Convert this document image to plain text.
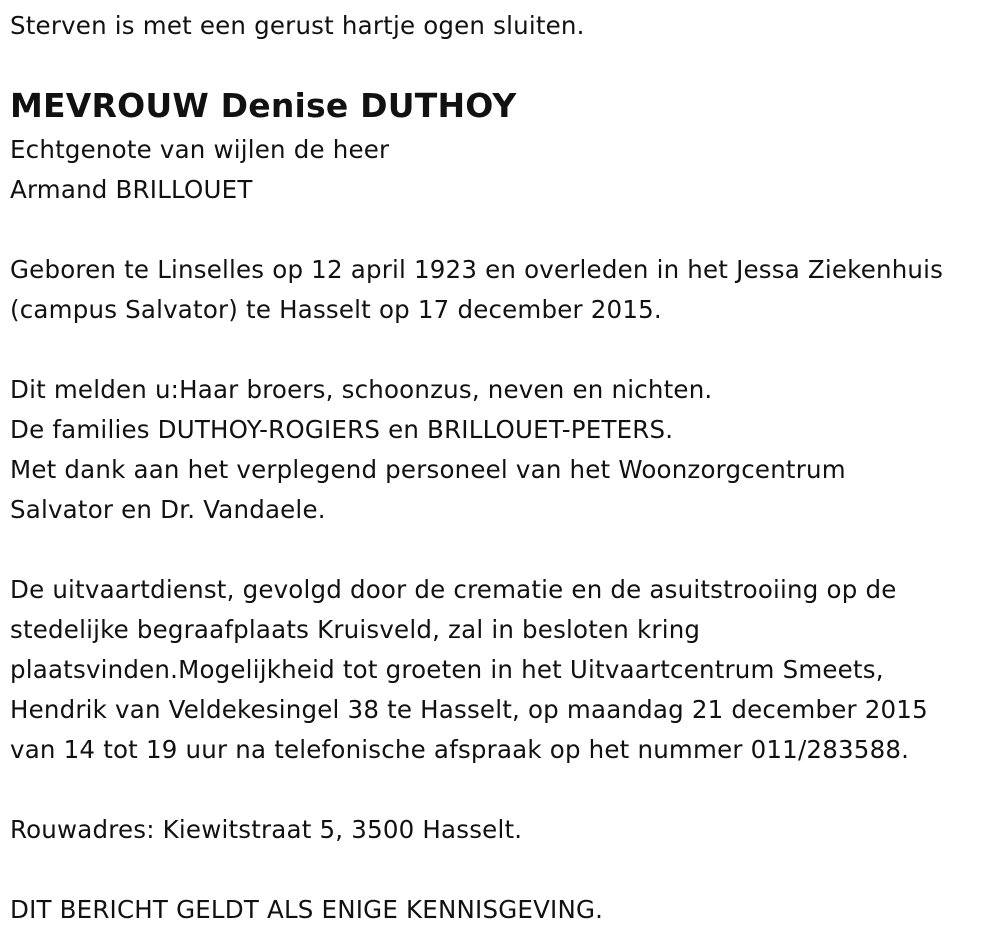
Sterven is met een gerust hartje ogen sluiten.
MEVROUW Denise DUTHOY
Echtgenote van wijlen de heer
Armand BRILLOUET
Geboren te Linselles op 12 april 1923 en overleden in het Jessa Ziekenhuis
(campus Salvator) te Hasselt op 17 december 2015.
Dit melden u:Haar broers, schoonzus, neven en nichten.
De families DUTHOY-ROGIERS en BRILLOUET-PETERS.
Met dank aan het verplegend personeel van het Woonzorgcentrum
Salvator en Dr. Vandaele.
De uitvaartdienst, gevolgd door de crematie en de asuitstrooiing op de
stedelijke begraafplaats Kruisveld, zal in besloten kring
plaatsvinden.Mogelijkheid tot groeten in het Uitvaartcentrum Smeets,
Hendrik van Veldekesingel 38 te Hasselt, op maandag 21 december 2015
van 14 tot 19 uur na telefonische afspraak op het nummer 011/283588.
Rouwadres: Kiewitstraat 5, 3500 Hasselt.
DIT BERICHT GELDT ALS ENIGE KENNISGEVING.
